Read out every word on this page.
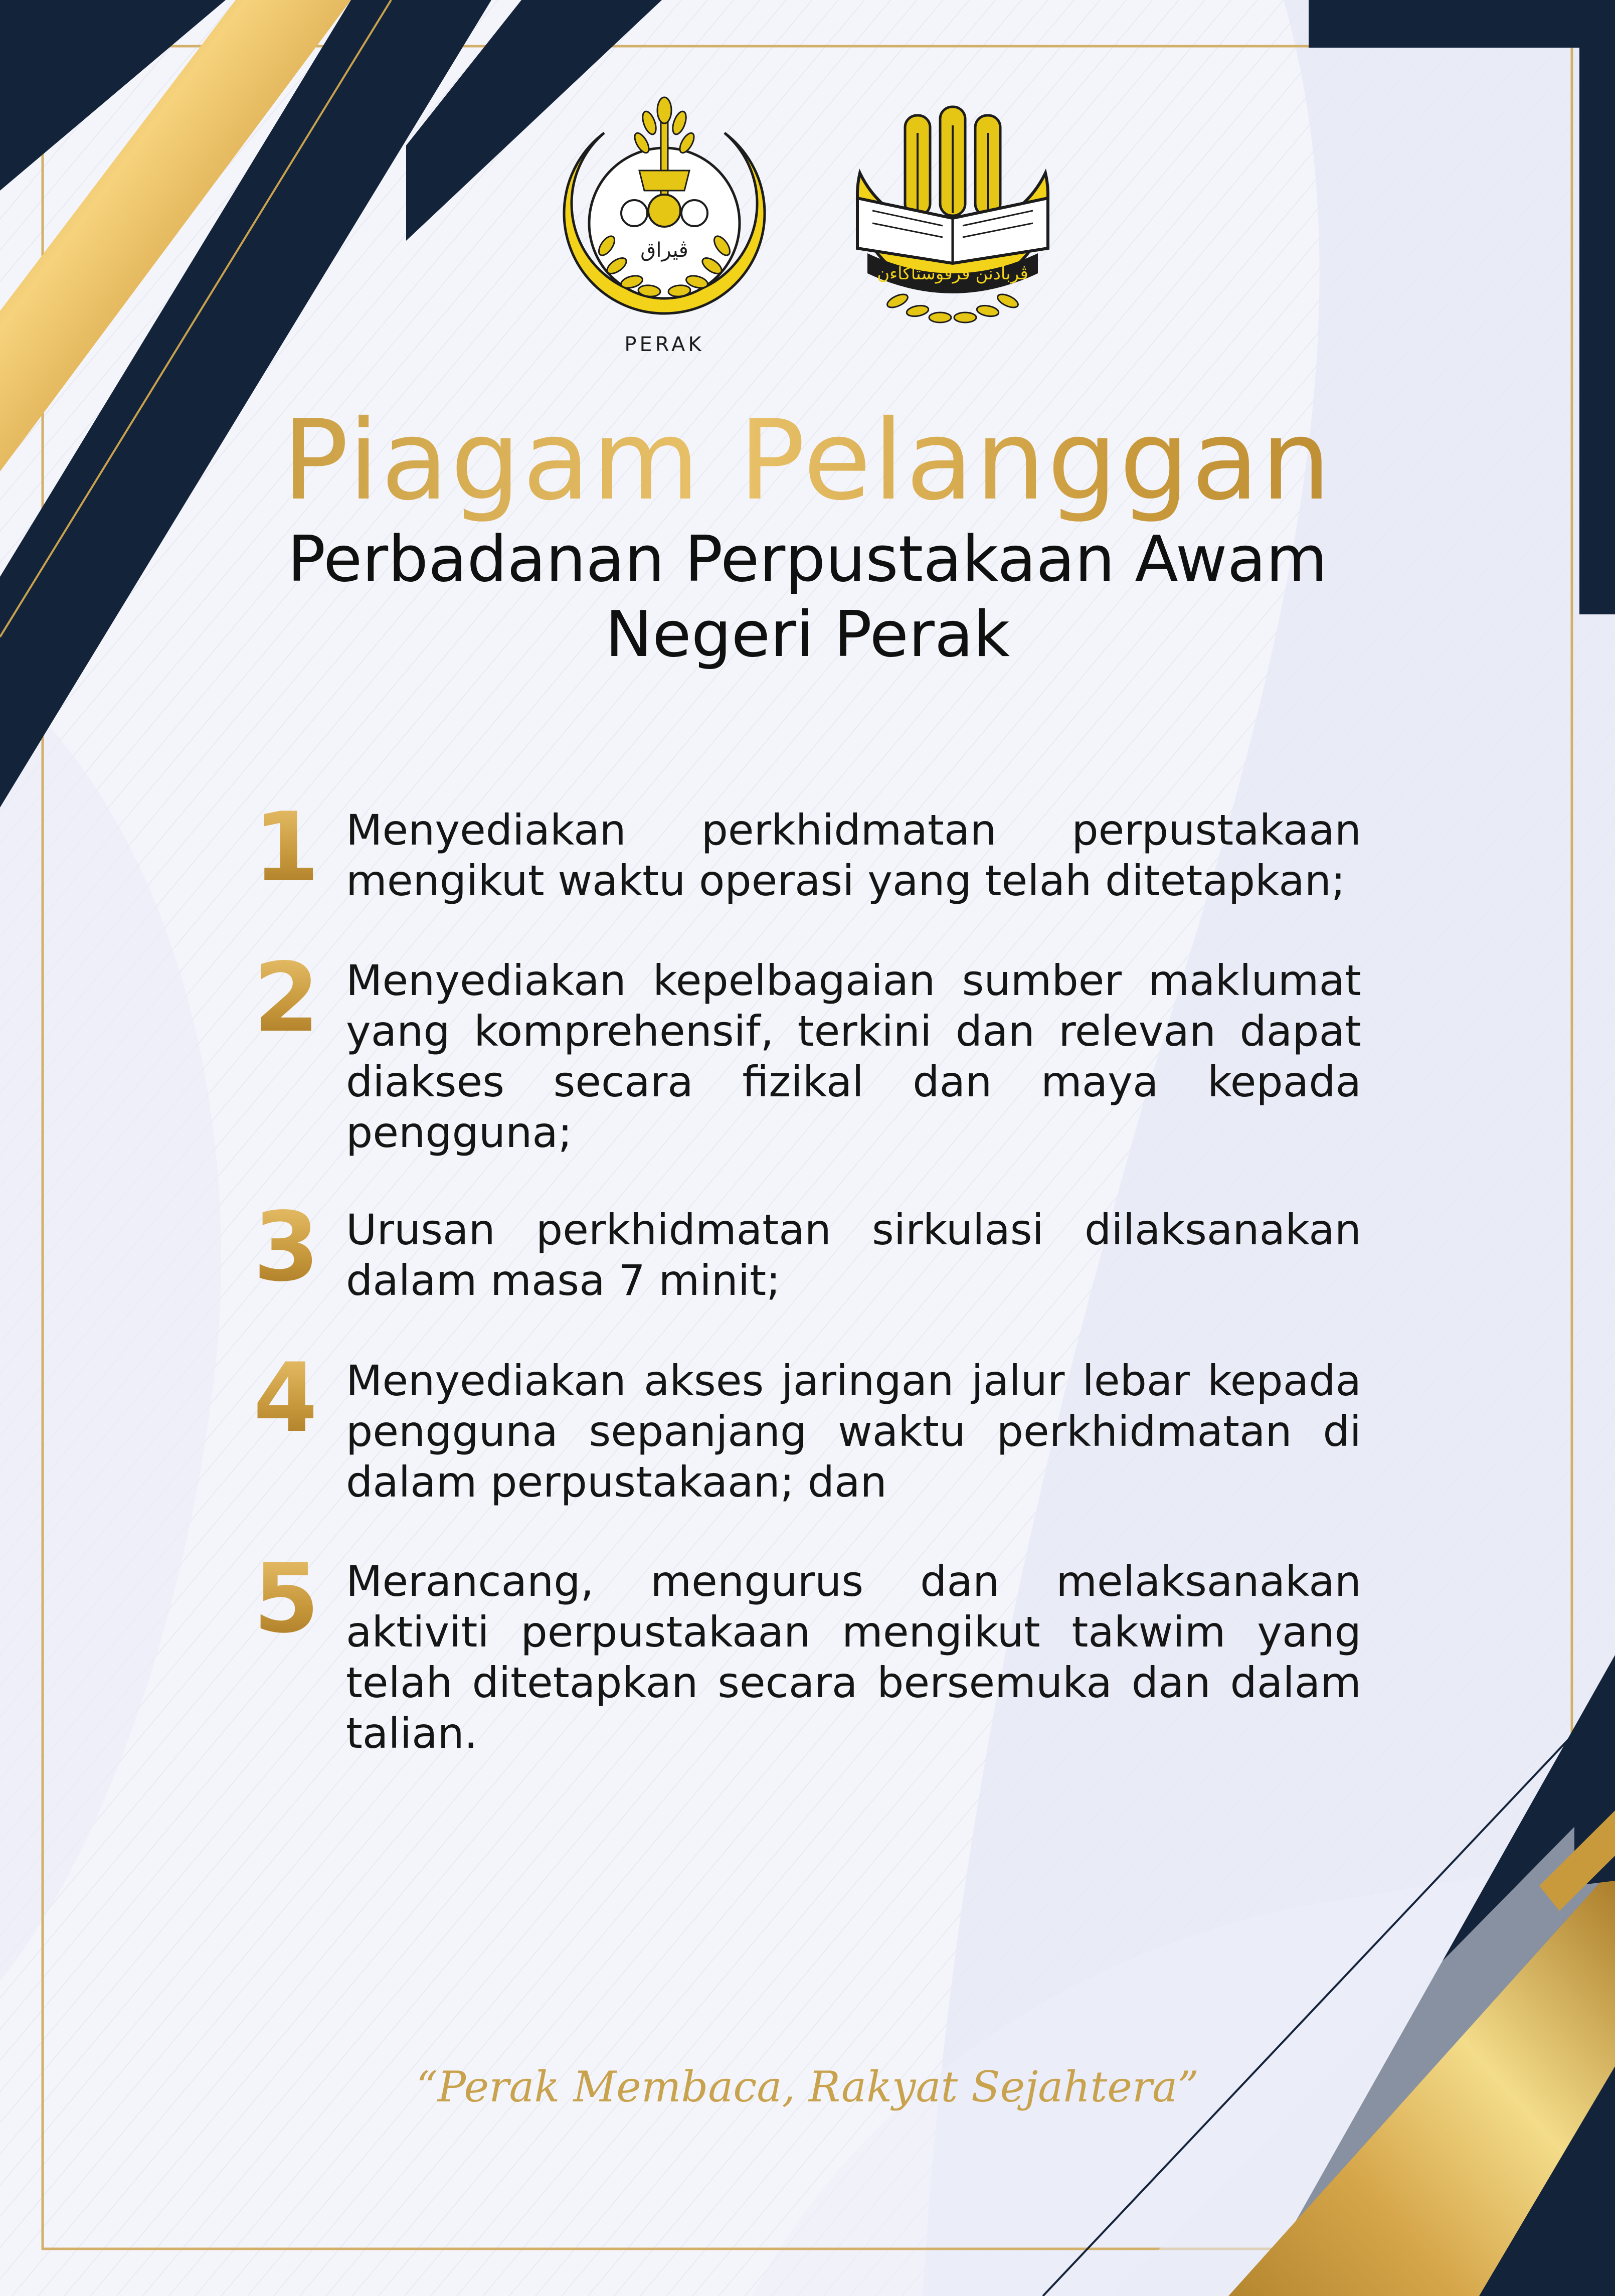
ڤيراق
PERAK
ڤربادنن ڤرڤوستاکاءن
Piagam Pelanggan
Perbadanan Perpustakaan Awam
Negeri Perak
1 Menyediakan perkhidmatan perpustakaan mengikut waktu operasi yang telah ditetapkan;
2 Menyediakan kepelbagaian sumber maklumat yang komprehensif, terkini dan relevan dapat diakses secara fizikal dan maya kepada pengguna;
3 Urusan perkhidmatan sirkulasi dilaksanakan dalam masa 7 minit;
4 Menyediakan akses jaringan jalur lebar kepada pengguna sepanjang waktu perkhidmatan di dalam perpustakaan; dan
5 Merancang, mengurus dan melaksanakan aktiviti perpustakaan mengikut takwim yang telah ditetapkan secara bersemuka dan dalam talian.
“Perak Membaca, Rakyat Sejahtera”
